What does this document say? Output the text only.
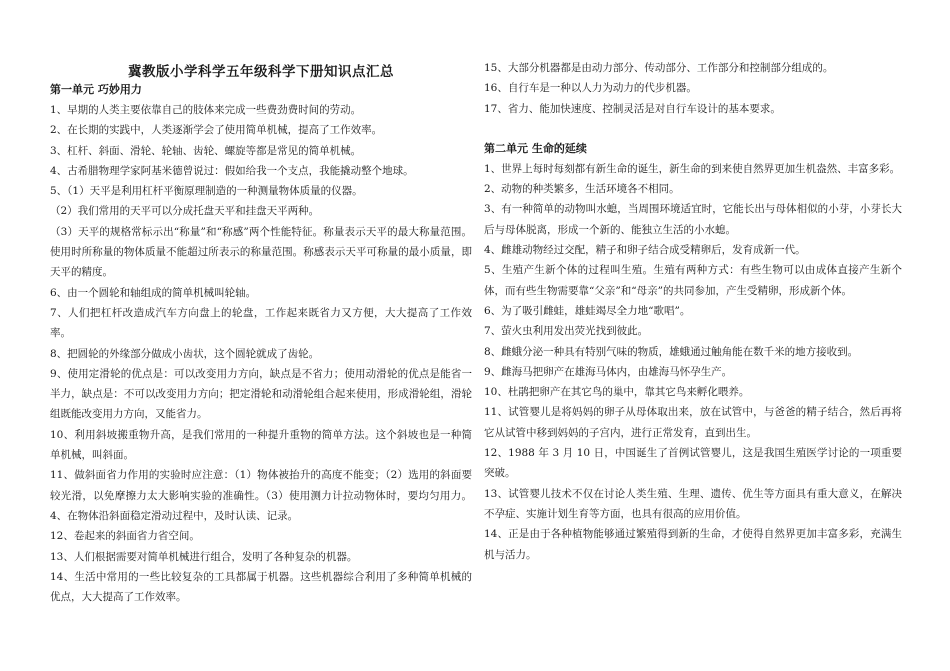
冀教版小学科学五年级科学下册知识点汇总

第一单元 巧妙用力

1、早期的人类主要依靠自己的肢体来完成一些费劲费时间的劳动。

2、在长期的实践中，人类逐渐学会了使用简单机械，提高了工作效率。

3、杠杆、斜面、滑轮、轮轴、齿轮、螺旋等都是常见的简单机械。

4、古希腊物理学家阿基米德曾说过：假如给我一个支点，我能撬动整个地球。

5、（1）天平是利用杠杆平衡原理制造的一种测量物体质量的仪器。

（2）我们常用的天平可以分成托盘天平和挂盘天平两种。

（3）天平的规格常标示出“称量”和“称感”两个性能特征。称量表示天平的最大称量范围。使用时所称量的物体质量不能超过所表示的称量范围。称感表示天平可称量的最小质量，即天平的精度。

6、由一个圆轮和轴组成的简单机械叫轮轴。

7、人们把杠杆改造成汽车方向盘上的轮盘，工作起来既省力又方便，大大提高了工作效率。

8、把圆轮的外缘部分做成小齿状，这个圆轮就成了齿轮。

9、使用定滑轮的优点是：可以改变用力方向，缺点是不省力；使用动滑轮的优点是能省一半力，缺点是：不可以改变用力方向；把定滑轮和动滑轮组合起来使用，形成滑轮组，滑轮组既能改变用力方向，又能省力。

10、利用斜坡搬重物升高，是我们常用的一种提升重物的简单方法。这个斜坡也是一种简单机械，叫斜面。

11、做斜面省力作用的实验时应注意：（1）物体被抬升的高度不能变；（2）选用的斜面要较光滑，以免摩擦力太大影响实验的准确性。（3）使用测力计拉动物体时，要均匀用力。4、在物体沿斜面稳定滑动过程中，及时认读、记录。

12、卷起来的斜面省力省空间。

13、人们根据需要对简单机械进行组合，发明了各种复杂的机器。

14、生活中常用的一些比较复杂的工具都属于机器。这些机器综合利用了多种简单机械的优点，大大提高了工作效率。

15、大部分机器都是由动力部分、传动部分、工作部分和控制部分组成的。

16、自行车是一种以人力为动力的代步机器。

17、省力、能加快速度、控制灵活是对自行车设计的基本要求。

第二单元 生命的延续

1、世界上每时每刻都有新生命的诞生，新生命的到来使自然界更加生机盎然、丰富多彩。

2、动物的种类繁多，生活环境各不相同。

3、有一种简单的动物叫水螅，当周围环境适宜时，它能长出与母体相似的小芽，小芽长大后与母体脱离，形成一个新的、能独立生活的小水螅。

4、雌雄动物经过交配，精子和卵子结合成受精卵后，发育成新一代。

5、生殖产生新个体的过程叫生殖。生殖有两种方式：有些生物可以由成体直接产生新个体，而有些生物需要靠“父亲”和“母亲”的共同参加，产生受精卵，形成新个体。

6、为了吸引雌蛙，雄蛙竭尽全力地“歌唱”。

7、萤火虫利用发出荧光找到彼此。

8、雌蛾分泌一种具有特别气味的物质，雄蛾通过触角能在数千米的地方接收到。

9、雌海马把卵产在雄海马体内，由雄海马怀孕生产。

10、杜鹃把卵产在其它鸟的巢中，靠其它鸟来孵化喂养。

11、试管婴儿是将妈妈的卵子从母体取出来，放在试管中，与爸爸的精子结合，然后再将它从试管中移到妈妈的子宫内，进行正常发育，直到出生。

12、1988 年 3 月 10 日，中国诞生了首例试管婴儿，这是我国生殖医学讨论的一项重要突破。

13、试管婴儿技术不仅在讨论人类生殖、生理、遗传、优生等方面具有重大意义，在解决不孕症、实施计划生育等方面，也具有很高的应用价值。

14、正是由于各种植物能够通过繁殖得到新的生命，才使得自然界更加丰富多彩，充满生机与活力。
